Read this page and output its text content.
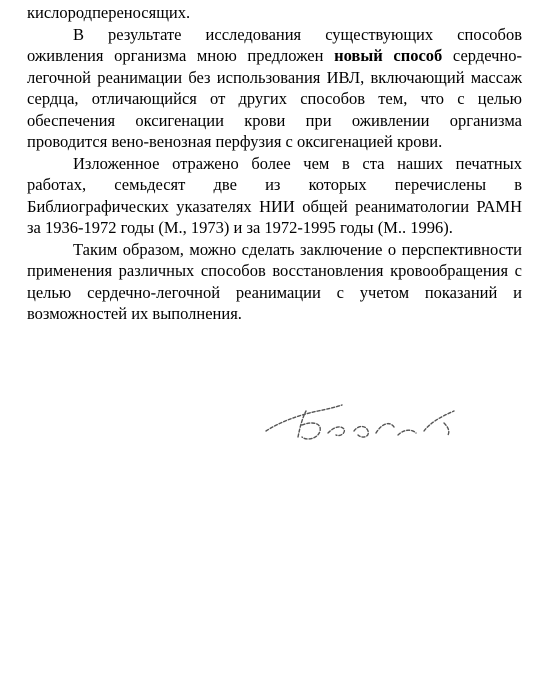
кислородпереносящих.

В результате исследования существующих способов оживления организма мною предложен новый способ сердечно-легочной реанимации без использования ИВЛ, включающий массаж сердца, отличающийся от других способов тем, что с целью обеспечения оксигенации крови при оживлении организма проводится вено-венозная перфузия с оксигенацией крови.

Изложенное отражено более чем в ста наших печатных работах, семьдесят две из которых перечислены в Библиографических указателях НИИ общей реаниматологии РАМН за 1936-1972 годы (М., 1973) и за 1972-1995 годы (М.. 1996).

Таким образом, можно сделать заключение о перспективности применения различных способов восстановления кровообращения с целью сердечно-легочной реанимации с учетом показаний и возможностей их выполнения.
